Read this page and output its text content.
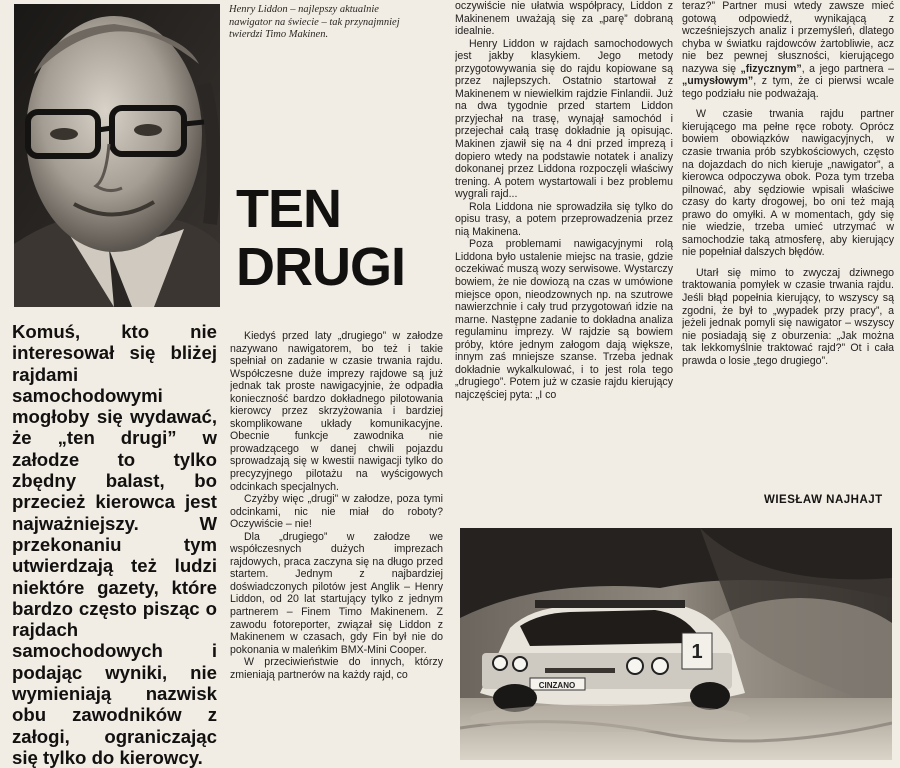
Henry Liddon – najlepszy aktualnie nawigator na świecie – tak przynajmniej twierdzi Timo Makinen.
TEN
DRUGI
Komuś, kto nie interesował się bliżej rajdami samochodowymi mogłoby się wydawać, że „ten drugi” w załodze to tylko zbędny balast, bo przecież kierowca jest najważniejszy. W przekonaniu tym utwierdzają też ludzi niektóre gazety, które bardzo często pisząc o rajdach samochodowych i podając wyniki, nie wymieniają nazwisk obu zawodników z załogi, ograniczając się tylko do kierowcy.

Kiedyś przed laty „drugiego” w załodze nazywano nawigatorem, bo też i takie spełniał on zadanie w czasie trwania rajdu. Współczesne duże imprezy rajdowe są już jednak tak proste nawigacyjnie, że odpadła konieczność bardzo dokładnego pilotowania kierowcy przez skrzyżowania i bardziej skomplikowane układy komunikacyjne. Obecnie funkcje zawodnika nie prowadzącego w danej chwili pojazdu sprowadzają się w kwestii nawigacji tylko do precyzyjnego pilotażu na wyścigowych odcinkach specjalnych.

Czyżby więc „drugi” w załodze, poza tymi odcinkami, nic nie miał do roboty? Oczywiście – nie!

Dla „drugiego” w załodze we współczesnych dużych imprezach rajdowych, praca zaczyna się na długo przed startem. Jednym z najbardziej doświadczonych pilotów jest Anglik – Henry Liddon, od 20 lat startujący tylko z jednym partnerem – Finem Timo Makinenem. Z zawodu fotoreporter, związał się Liddon z Makinenem w czasach, gdy Fin był nie do pokonania w maleńkim BMX-Mini Cooper.

W przeciwieństwie do innych, którzy zmieniają partnerów na każdy rajd, co

oczywiście nie ułatwia współpracy, Liddon z Makinenem uważają się za „parę” dobraną idealnie.

Henry Liddon w rajdach samochodowych jest jakby klasykiem. Jego metody przygotowywania się do rajdu kopiowane są przez najlepszych. Ostatnio startował z Makinenem w niewielkim rajdzie Finlandii. Już na dwa tygodnie przed startem Liddon przyjechał na trasę, wynajął samochód i przejechał całą trasę dokładnie ją opisując. Makinen zjawił się na 4 dni przed imprezą i dopiero wtedy na podstawie notatek i analizy dokonanej przez Liddona rozpoczęli właściwy trening. A potem wystartowali i bez problemu wygrali rajd...

Rola Liddona nie sprowadziła się tylko do opisu trasy, a potem przeprowadzenia przez nią Makinena.

Poza problemami nawigacyjnymi rolą Liddona było ustalenie miejsc na trasie, gdzie oczekiwać muszą wozy serwisowe. Wystarczy bowiem, że nie dowiozą na czas w umówione miejsce opon, nieodzownych np. na szutrowe nawierzchnie i cały trud przygotowań idzie na marne. Następne zadanie to dokładna analiza regulaminu imprezy. W rajdzie są bowiem próby, które jednym załogom dają większe, innym zaś mniejsze szanse. Trzeba jednak dokładnie wykalkulować, i to jest rola tego „drugiego”. Potem już w czasie rajdu kierujący najczęściej pyta: „I co

teraz?” Partner musi wtedy zawsze mieć gotową odpowiedź, wynikającą z wcześniejszych analiz i przemyśleń, dlatego chyba w światku rajdowców żartobliwie, acz nie bez pewnej słuszności, kierującego nazywa się „fizycznym”, a jego partnera – „umysłowym”, z tym, że ci pierwsi wcale tego podziału nie podważają.

W czasie trwania rajdu partner kierującego ma pełne ręce roboty. Oprócz bowiem obowiązków nawigacyjnych, w czasie trwania prób szybkościowych, często na dojazdach do nich kieruje „nawigator”, a kierowca odpoczywa obok. Poza tym trzeba pilnować, aby sędziowie wpisali właściwe czasy do karty drogowej, bo oni też mają prawo do omyłki. A w momentach, gdy się nie wiedzie, trzeba umieć utrzymać w samochodzie taką atmosferę, aby kierujący nie popełniał dalszych błędów.

Utarł się mimo to zwyczaj dziwnego traktowania pomyłek w czasie trwania rajdu. Jeśli błąd popełnia kierujący, to wszyscy są zgodni, że był to „wypadek przy pracy”, a jeżeli jednak pomyli się nawigator – wszyscy nie posiadają się z oburzenia: „Jak można tak lekkomyślnie traktować rajd?” Ot i cała prawda o losie „tego drugiego”.

WIESŁAW NAJHAJT
1
CINZANO
